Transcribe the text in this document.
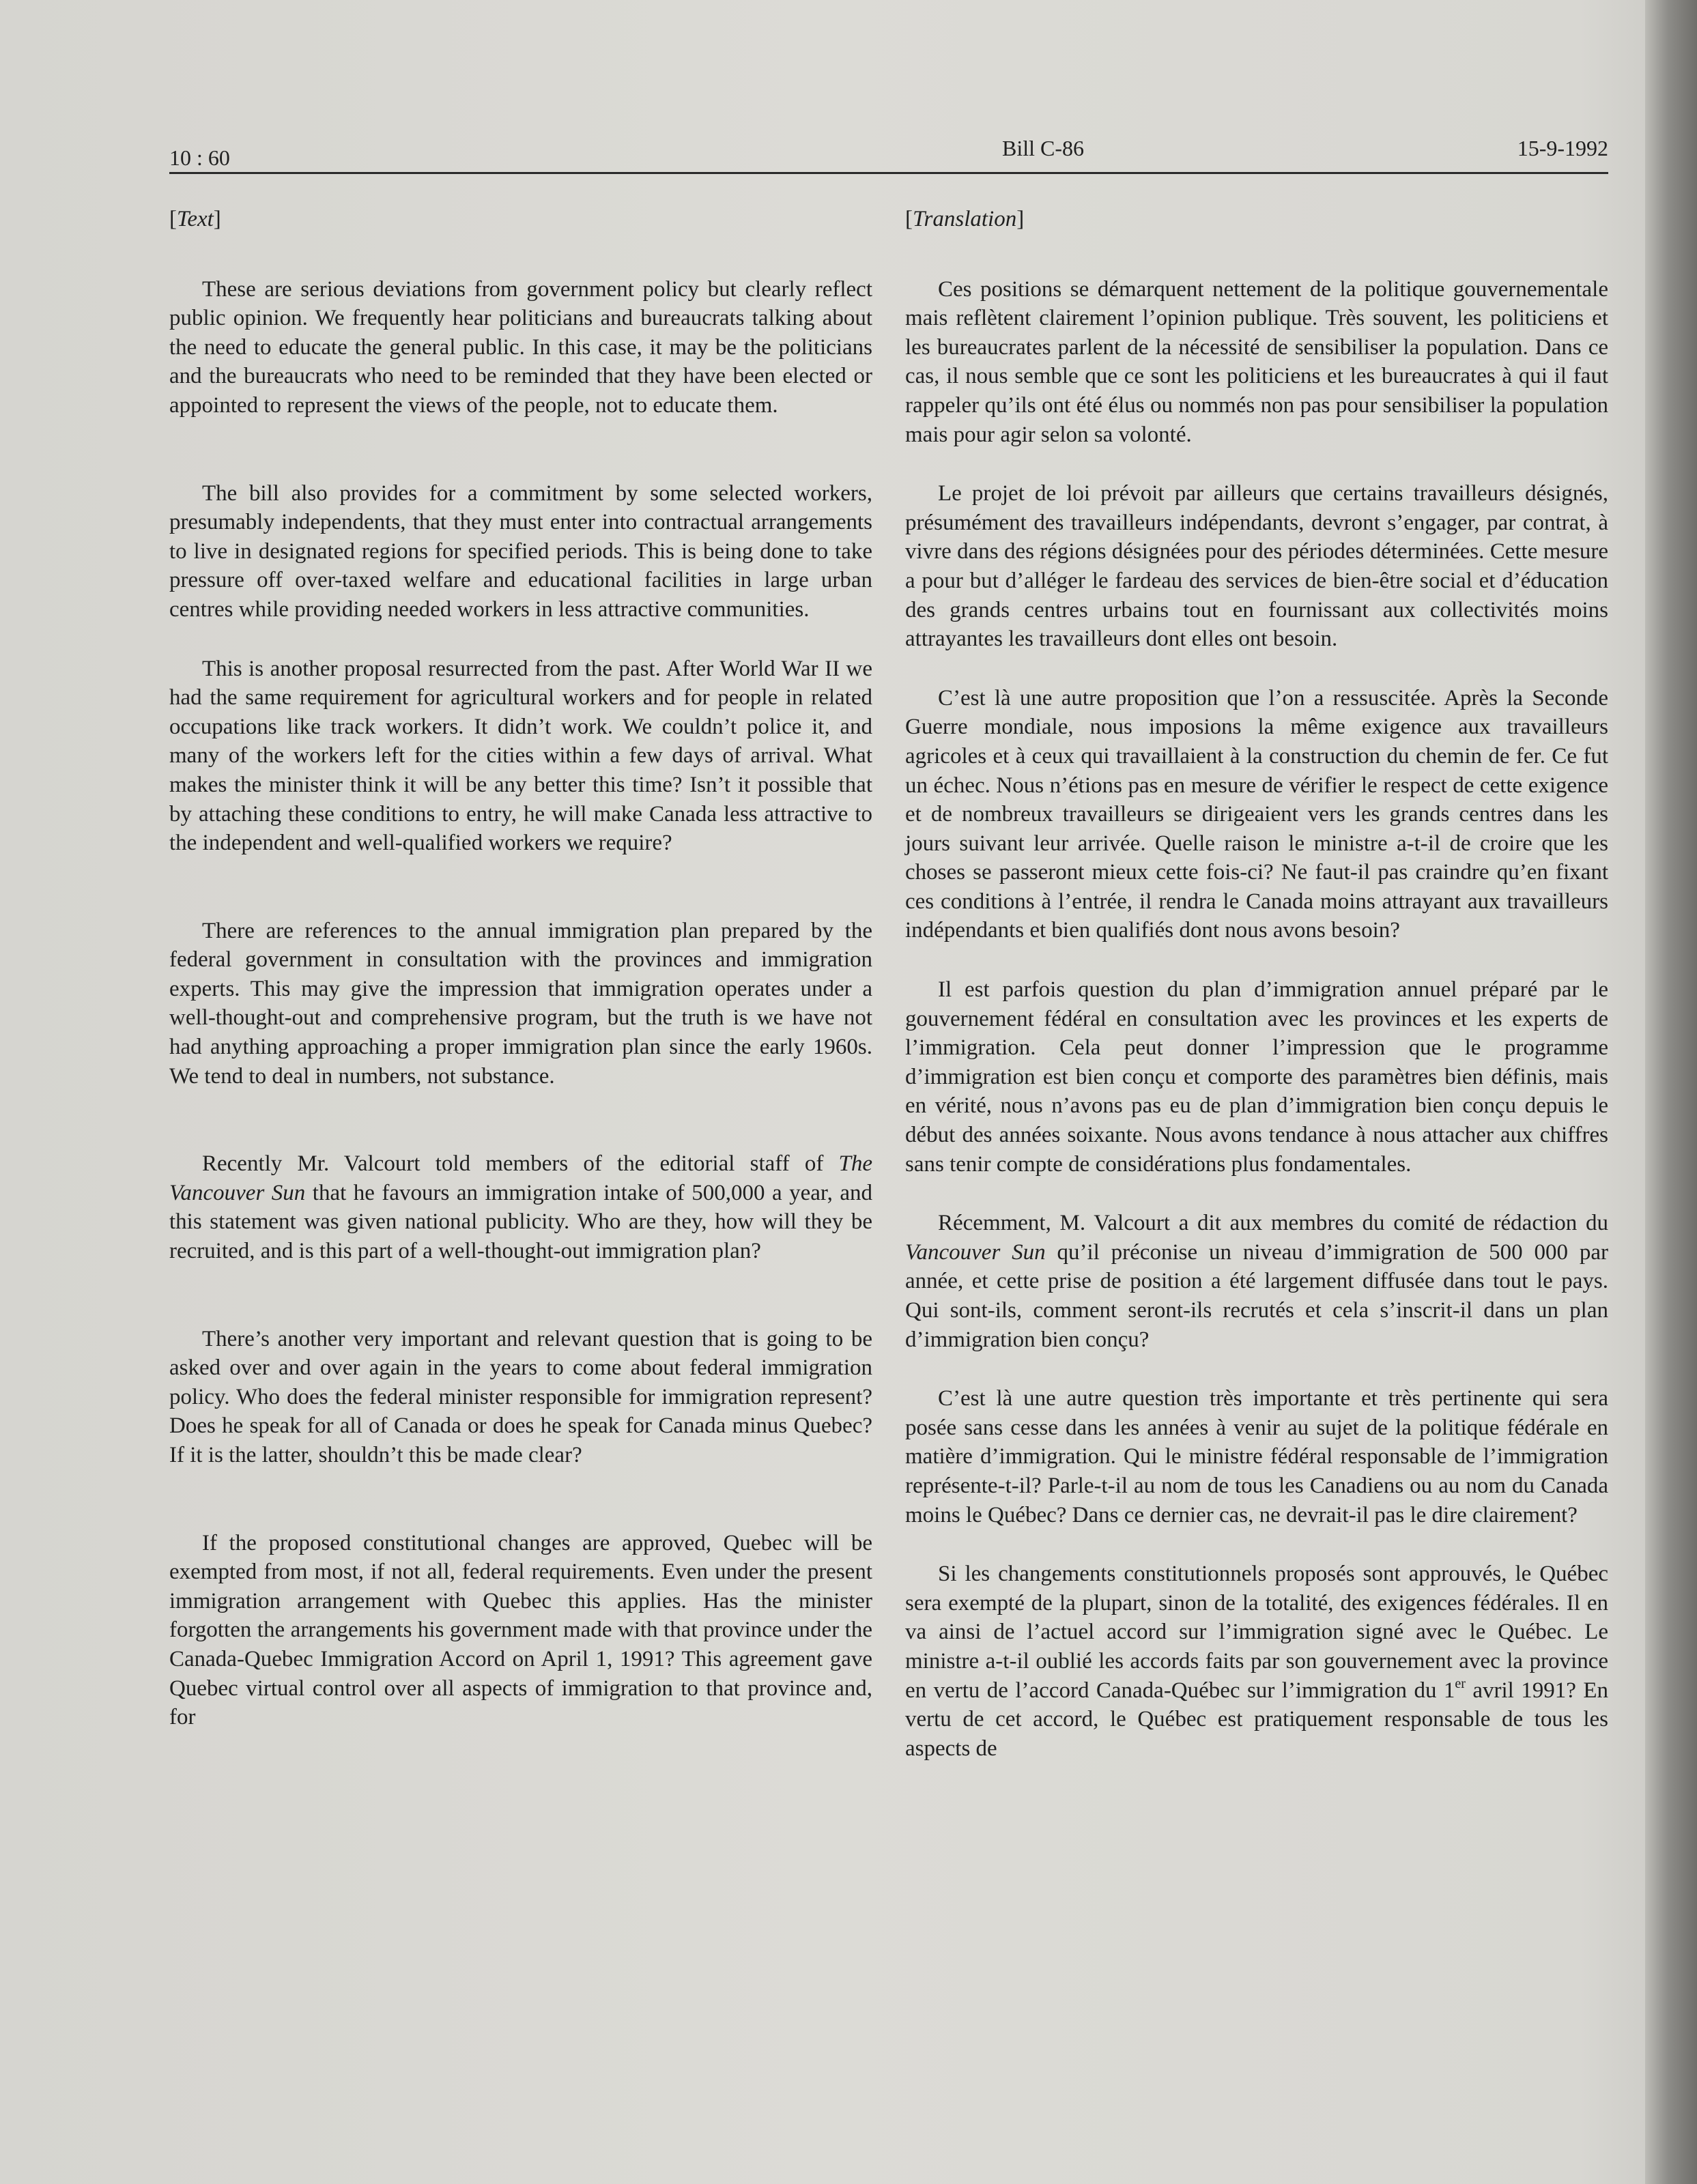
10 : 60	Bill C-86	15-9-1992

[Text]

These are serious deviations from government policy but clearly reflect public opinion. We frequently hear politicians and bureaucrats talking about the need to educate the general public. In this case, it may be the politicians and the bureaucrats who need to be reminded that they have been elected or appointed to represent the views of the people, not to educate them.

The bill also provides for a commitment by some selected workers, presumably independents, that they must enter into contractual arrangements to live in designated regions for specified periods. This is being done to take pressure off over-taxed welfare and educational facilities in large urban centres while providing needed workers in less attractive communities.

This is another proposal resurrected from the past. After World War II we had the same requirement for agricultural workers and for people in related occupations like track workers. It didn’t work. We couldn’t police it, and many of the workers left for the cities within a few days of arrival. What makes the minister think it will be any better this time? Isn’t it possible that by attaching these conditions to entry, he will make Canada less attractive to the independent and well-qualified workers we require?

There are references to the annual immigration plan prepared by the federal government in consultation with the provinces and immigration experts. This may give the impression that immigration operates under a well-thought-out and comprehensive program, but the truth is we have not had anything approaching a proper immigration plan since the early 1960s. We tend to deal in numbers, not substance.

Recently Mr. Valcourt told members of the editorial staff of The Vancouver Sun that he favours an immigration intake of 500,000 a year, and this statement was given national publicity. Who are they, how will they be recruited, and is this part of a well-thought-out immigration plan?

There’s another very important and relevant question that is going to be asked over and over again in the years to come about federal immigration policy. Who does the federal minister responsible for immigration represent? Does he speak for all of Canada or does he speak for Canada minus Quebec? If it is the latter, shouldn’t this be made clear?

If the proposed constitutional changes are approved, Quebec will be exempted from most, if not all, federal requirements. Even under the present immigration arrangement with Quebec this applies. Has the minister forgotten the arrangements his government made with that province under the Canada-Quebec Immigration Accord on April 1, 1991? This agreement gave Quebec virtual control over all aspects of immigration to that province and, for

[Translation]

Ces positions se démarquent nettement de la politique gouvernementale mais reflètent clairement l’opinion publique. Très souvent, les politiciens et les bureaucrates parlent de la nécessité de sensibiliser la population. Dans ce cas, il nous semble que ce sont les politiciens et les bureaucrates à qui il faut rappeler qu’ils ont été élus ou nommés non pas pour sensibiliser la population mais pour agir selon sa volonté.

Le projet de loi prévoit par ailleurs que certains travailleurs désignés, présumément des travailleurs indépendants, devront s’engager, par contrat, à vivre dans des régions désignées pour des périodes déterminées. Cette mesure a pour but d’alléger le fardeau des services de bien-être social et d’éducation des grands centres urbains tout en fournissant aux collectivités moins attrayantes les travailleurs dont elles ont besoin.

C’est là une autre proposition que l’on a ressuscitée. Après la Seconde Guerre mondiale, nous imposions la même exigence aux travailleurs agricoles et à ceux qui travaillaient à la construction du chemin de fer. Ce fut un échec. Nous n’étions pas en mesure de vérifier le respect de cette exigence et de nombreux travailleurs se dirigeaient vers les grands centres dans les jours suivant leur arrivée. Quelle raison le ministre a-t-il de croire que les choses se passeront mieux cette fois-ci? Ne faut-il pas craindre qu’en fixant ces conditions à l’entrée, il rendra le Canada moins attrayant aux travailleurs indépendants et bien qualifiés dont nous avons besoin?

Il est parfois question du plan d’immigration annuel préparé par le gouvernement fédéral en consultation avec les provinces et les experts de l’immigration. Cela peut donner l’impression que le programme d’immigration est bien conçu et comporte des paramètres bien définis, mais en vérité, nous n’avons pas eu de plan d’immigration bien conçu depuis le début des années soixante. Nous avons tendance à nous attacher aux chiffres sans tenir compte de considérations plus fondamentales.

Récemment, M. Valcourt a dit aux membres du comité de rédaction du Vancouver Sun qu’il préconise un niveau d’immigration de 500 000 par année, et cette prise de position a été largement diffusée dans tout le pays. Qui sont-ils, comment seront-ils recrutés et cela s’inscrit-il dans un plan d’immigration bien conçu?

C’est là une autre question très importante et très pertinente qui sera posée sans cesse dans les années à venir au sujet de la politique fédérale en matière d’immigration. Qui le ministre fédéral responsable de l’immigration représente-t-il? Parle-t-il au nom de tous les Canadiens ou au nom du Canada moins le Québec? Dans ce dernier cas, ne devrait-il pas le dire clairement?

Si les changements constitutionnels proposés sont approuvés, le Québec sera exempté de la plupart, sinon de la totalité, des exigences fédérales. Il en va ainsi de l’actuel accord sur l’immigration signé avec le Québec. Le ministre a-t-il oublié les accords faits par son gouvernement avec la province en vertu de l’accord Canada-Québec sur l’immigration du 1er avril 1991? En vertu de cet accord, le Québec est pratiquement responsable de tous les aspects de
